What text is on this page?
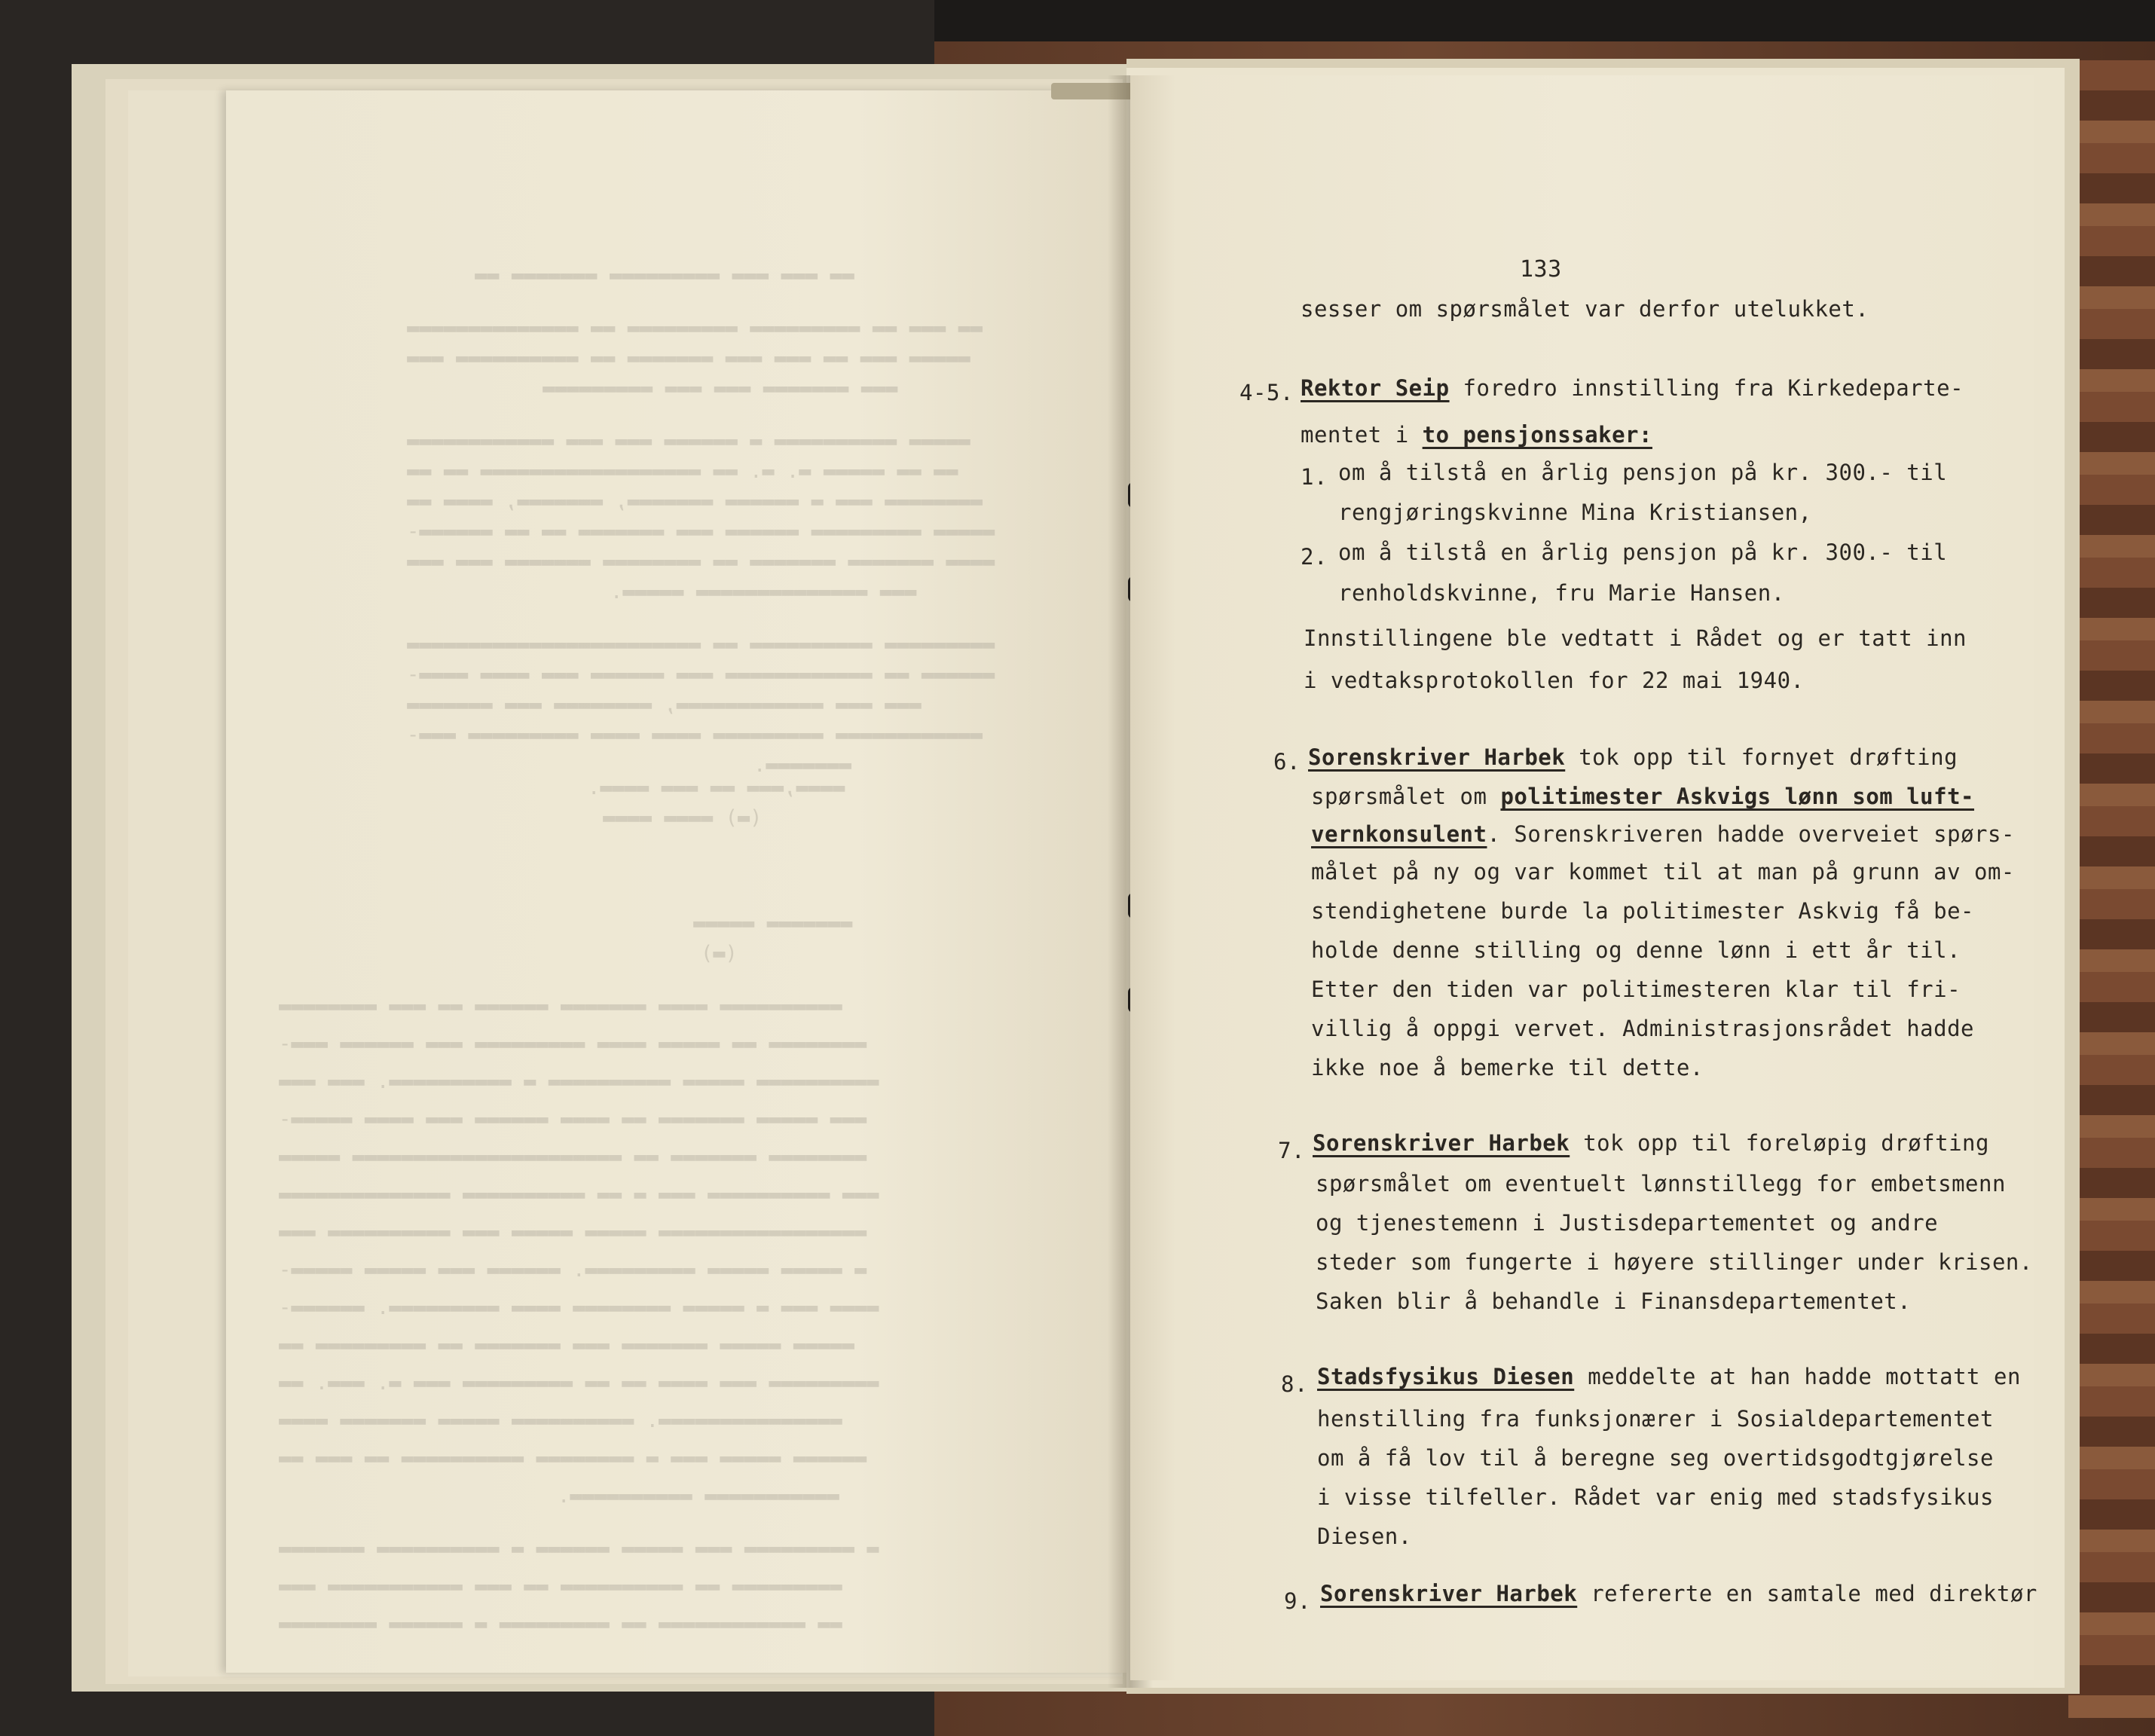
▬▬ ▬▬▬ ▬▬▬ ▬▬▬▬▬▬▬▬▬ ▬▬▬▬▬▬▬ ▬▬
▬▬ ▬▬▬ ▬▬ ▬▬▬▬▬▬▬▬▬ ▬▬▬▬▬▬▬▬▬ ▬▬ ▬▬▬▬▬▬▬▬▬▬▬▬▬▬
▬▬▬▬▬ ▬▬▬ ▬▬ ▬▬▬ ▬▬▬ ▬▬▬▬▬▬▬ ▬▬ ▬▬▬▬▬▬▬▬▬▬ ▬▬▬
▬▬▬ ▬▬▬▬▬▬▬ ▬▬▬ ▬▬▬ ▬▬▬▬▬▬▬▬▬
▬▬▬▬▬ ▬▬▬▬▬▬▬▬▬▬ ▬ ▬▬▬▬▬▬ ▬▬▬ ▬▬▬ ▬▬▬▬▬▬▬▬▬▬▬▬
▬▬ ▬▬ ▬▬▬▬▬ ▬. ▬. ▬▬ ▬▬▬▬▬▬▬▬▬▬▬▬▬▬▬▬▬▬ ▬▬ ▬▬
▬▬▬▬▬▬▬▬ ▬▬▬ ▬ ▬▬▬▬▬▬ ▬▬▬▬▬▬▬, ▬▬▬▬▬▬▬, ▬▬▬▬ ▬▬
▬▬▬▬▬ ▬▬▬▬▬▬▬▬▬ ▬▬▬▬▬▬ ▬▬▬ ▬▬▬▬▬▬▬ ▬▬ ▬▬ ▬▬▬▬▬▬-
▬▬▬▬ ▬▬▬▬▬▬▬ ▬▬▬▬▬▬▬ ▬▬ ▬▬▬▬▬▬▬▬ ▬▬▬▬▬▬▬ ▬▬▬ ▬▬▬
▬▬▬ ▬▬▬▬▬▬▬▬▬▬▬▬▬▬ ▬▬▬▬▬.
▬▬▬▬▬▬▬▬▬ ▬▬▬▬▬▬▬▬▬▬ ▬▬ ▬▬▬▬▬▬▬▬▬▬▬▬▬▬▬▬▬▬▬▬▬▬▬▬
▬▬▬▬▬▬ ▬▬ ▬▬▬▬▬▬▬▬▬▬▬▬ ▬▬▬ ▬▬▬▬▬▬ ▬▬▬ ▬▬▬▬ ▬▬▬▬-
▬▬▬ ▬▬▬ ▬▬▬▬▬▬▬▬▬▬▬▬, ▬▬▬▬▬▬▬▬ ▬▬▬ ▬▬▬▬▬▬▬
▬▬▬▬▬▬▬▬▬▬▬▬ ▬▬▬▬▬▬▬▬▬ ▬▬▬▬ ▬▬▬▬ ▬▬▬▬▬▬▬▬▬ ▬▬▬-
▬▬▬▬▬▬▬.
▬▬▬▬,▬▬▬ ▬▬ ▬▬▬ ▬▬▬▬.
(▬) ▬▬▬▬ ▬▬▬▬
▬▬▬▬▬▬▬ ▬▬▬▬▬
(▬)
▬▬▬▬▬▬▬▬▬▬ ▬▬▬▬ ▬▬▬▬▬▬▬ ▬▬▬▬▬▬ ▬▬ ▬▬▬ ▬▬▬▬▬▬▬▬
▬▬▬▬▬▬▬▬ ▬▬ ▬▬▬▬▬ ▬▬▬▬ ▬▬▬▬▬▬▬▬▬ ▬▬▬ ▬▬▬▬▬▬ ▬▬▬-
▬▬▬▬▬▬▬▬▬▬ ▬▬▬▬▬ ▬▬▬▬▬▬▬▬▬▬ ▬ ▬▬▬▬▬▬▬▬▬▬. ▬▬▬ ▬▬▬
▬▬▬ ▬▬▬▬▬ ▬▬▬▬▬▬▬ ▬▬ ▬▬▬▬ ▬▬▬▬▬▬ ▬▬▬ ▬▬▬▬ ▬▬▬▬▬-
▬▬▬▬▬▬▬▬ ▬▬▬▬▬▬▬ ▬▬ ▬▬▬▬▬▬▬▬▬▬▬▬▬▬▬▬▬▬▬▬▬▬ ▬▬▬▬▬
▬▬▬ ▬▬▬▬▬▬▬▬▬▬ ▬▬▬ ▬ ▬▬ ▬▬▬▬▬▬▬▬▬▬ ▬▬▬▬▬▬▬▬▬▬▬▬▬▬
▬▬▬▬▬▬▬▬▬▬▬▬▬▬▬▬▬ ▬▬▬▬▬ ▬▬▬▬▬ ▬▬▬ ▬▬▬▬▬▬▬▬▬▬ ▬▬▬
▬ ▬▬▬▬▬ ▬▬▬▬▬ ▬▬▬▬▬▬▬▬▬. ▬▬▬▬▬▬ ▬▬▬ ▬▬▬▬▬ ▬▬▬▬▬-
▬▬▬▬ ▬▬▬ ▬ ▬▬▬▬▬ ▬▬▬▬▬▬▬▬ ▬▬▬▬ ▬▬▬▬▬▬▬▬▬. ▬▬▬▬▬▬-
▬▬▬▬▬ ▬▬▬▬▬ ▬▬▬▬▬▬▬ ▬▬▬ ▬▬▬▬▬▬▬ ▬▬ ▬▬▬▬▬▬▬▬▬ ▬▬
▬▬▬▬▬▬▬▬▬ ▬▬▬ ▬▬▬▬ ▬▬ ▬▬ ▬▬▬▬▬▬▬▬▬ ▬▬▬ ▬. ▬▬▬. ▬▬
▬▬▬▬▬▬▬▬▬▬▬▬▬▬▬. ▬▬▬▬▬▬▬▬▬▬ ▬▬▬▬▬ ▬▬▬▬▬▬▬ ▬▬▬▬
▬▬▬▬▬▬ ▬▬▬▬▬ ▬▬▬ ▬ ▬▬▬▬▬▬▬▬ ▬▬▬▬▬▬▬▬▬▬ ▬▬ ▬▬▬ ▬▬
▬▬▬▬▬▬▬▬▬▬▬ ▬▬▬▬▬▬▬▬▬▬.
▬ ▬▬▬▬▬▬▬▬▬ ▬▬▬ ▬▬▬▬▬ ▬▬▬▬▬▬ ▬ ▬▬▬▬▬▬▬▬▬▬ ▬▬▬▬▬▬▬
▬▬▬▬▬▬▬▬▬ ▬▬ ▬▬▬▬▬▬▬▬▬▬ ▬▬ ▬▬▬ ▬▬▬▬▬▬▬▬▬▬▬ ▬▬▬
▬▬ ▬▬▬▬▬▬▬▬▬▬▬▬ ▬▬ ▬▬▬▬▬▬▬▬▬ ▬ ▬▬▬▬▬▬ ▬▬▬▬▬▬▬▬
133
sesser om spørsmålet var derfor utelukket.
4-5. Rektor Seip foredro innstilling fra Kirkedeparte-
mentet i to pensjonssaker:
1. om å tilstå en årlig pensjon på kr. 300.- til
rengjøringskvinne Mina Kristiansen,
2. om å tilstå en årlig pensjon på kr. 300.- til
renholdskvinne, fru Marie Hansen.
Innstillingene ble vedtatt i Rådet og er tatt inn
i vedtaksprotokollen for 22 mai 1940.
6. Sorenskriver Harbek tok opp til fornyet drøfting
spørsmålet om politimester Askvigs lønn som luft-
vernkonsulent. Sorenskriveren hadde overveiet spørs-
målet på ny og var kommet til at man på grunn av om-
stendighetene burde la politimester Askvig få be-
holde denne stilling og denne lønn i ett år til.
Etter den tiden var politimesteren klar til fri-
villig å oppgi vervet. Administrasjonsrådet hadde
ikke noe å bemerke til dette.
7. Sorenskriver Harbek tok opp til foreløpig drøfting
spørsmålet om eventuelt lønnstillegg for embetsmenn
og tjenestemenn i Justisdepartementet og andre
steder som fungerte i høyere stillinger under krisen.
Saken blir å behandle i Finansdepartementet.
8. Stadsfysikus Diesen meddelte at han hadde mottatt en
henstilling fra funksjonærer i Sosialdepartementet
om å få lov til å beregne seg overtidsgodtgjørelse
i visse tilfeller. Rådet var enig med stadsfysikus
Diesen.
9. Sorenskriver Harbek refererte en samtale med direktør
